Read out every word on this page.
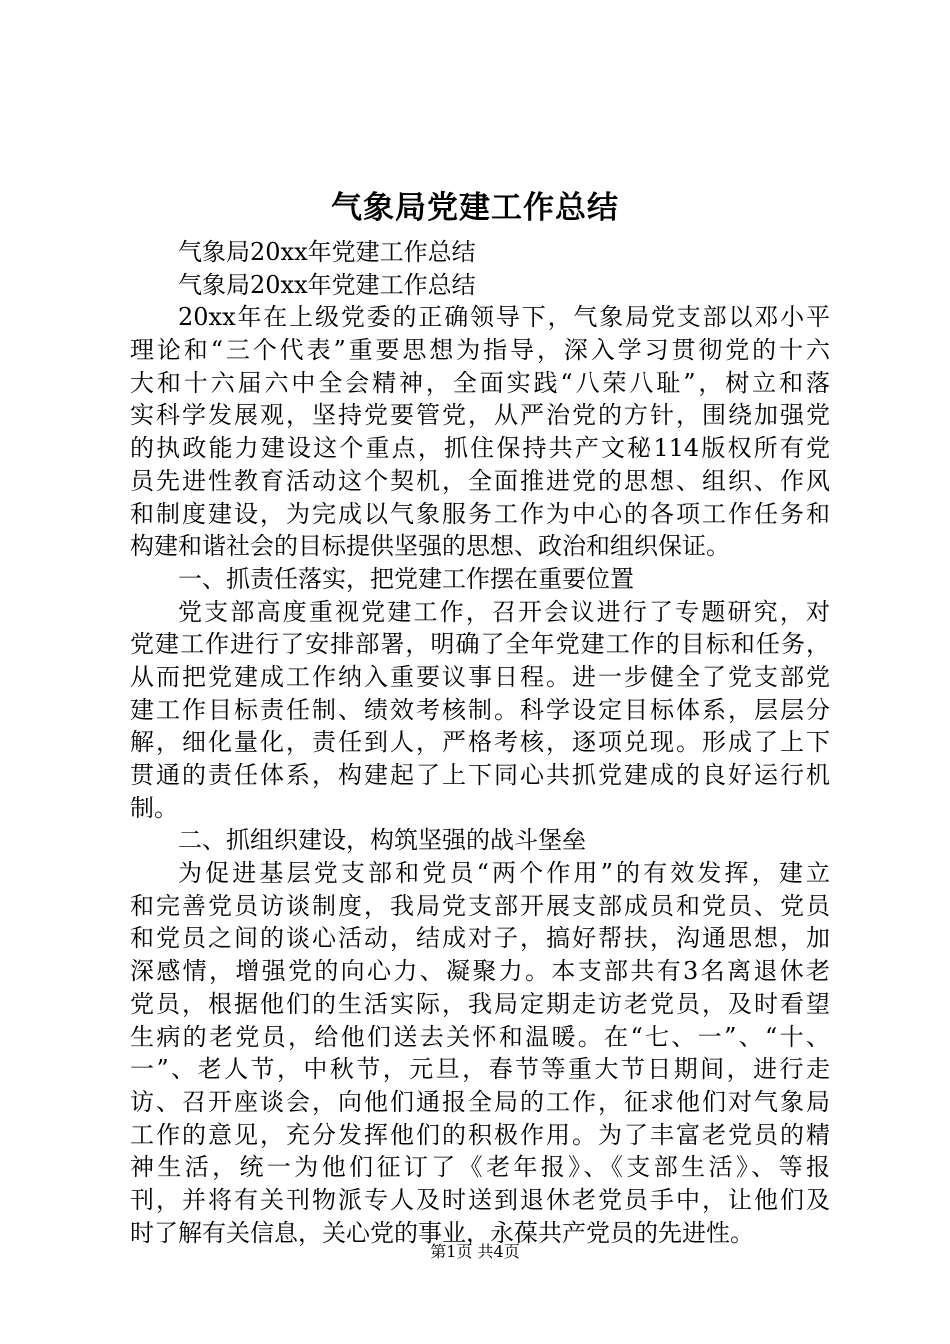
气象局党建工作总结
气象局20xx年党建工作总结
气象局20xx年党建工作总结
20xx年在上级党委的正确领导下，气象局党支部以邓小平
理论和“三个代表”重要思想为指导，深入学习贯彻党的十六
大和十六届六中全会精神，全面实践“八荣八耻”，树立和落
实科学发展观，坚持党要管党，从严治党的方针，围绕加强党
的执政能力建设这个重点，抓住保持共产文秘114版权所有党
员先进性教育活动这个契机，全面推进党的思想、组织、作风
和制度建设，为完成以气象服务工作为中心的各项工作任务和
构建和谐社会的目标提供坚强的思想、政治和组织保证。
一、抓责任落实，把党建工作摆在重要位置
党支部高度重视党建工作，召开会议进行了专题研究，对
党建工作进行了安排部署，明确了全年党建工作的目标和任务，
从而把党建成工作纳入重要议事日程。进一步健全了党支部党
建工作目标责任制、绩效考核制。科学设定目标体系，层层分
解，细化量化，责任到人，严格考核，逐项兑现。形成了上下
贯通的责任体系，构建起了上下同心共抓党建成的良好运行机
制。
二、抓组织建设，构筑坚强的战斗堡垒
为促进基层党支部和党员“两个作用”的有效发挥，建立
和完善党员访谈制度，我局党支部开展支部成员和党员、党员
和党员之间的谈心活动，结成对子，搞好帮扶，沟通思想，加
深感情，增强党的向心力、凝聚力。本支部共有3名离退休老
党员，根据他们的生活实际，我局定期走访老党员，及时看望
生病的老党员，给他们送去关怀和温暖。在“七、一”、“十、
一”、老人节，中秋节，元旦，春节等重大节日期间，进行走
访、召开座谈会，向他们通报全局的工作，征求他们对气象局
工作的意见，充分发挥他们的积极作用。为了丰富老党员的精
神生活，统一为他们征订了《老年报》、《支部生活》、等报
刊，并将有关刊物派专人及时送到退休老党员手中，让他们及
时了解有关信息，关心党的事业，永葆共产党员的先进性。
第1页 共4页
